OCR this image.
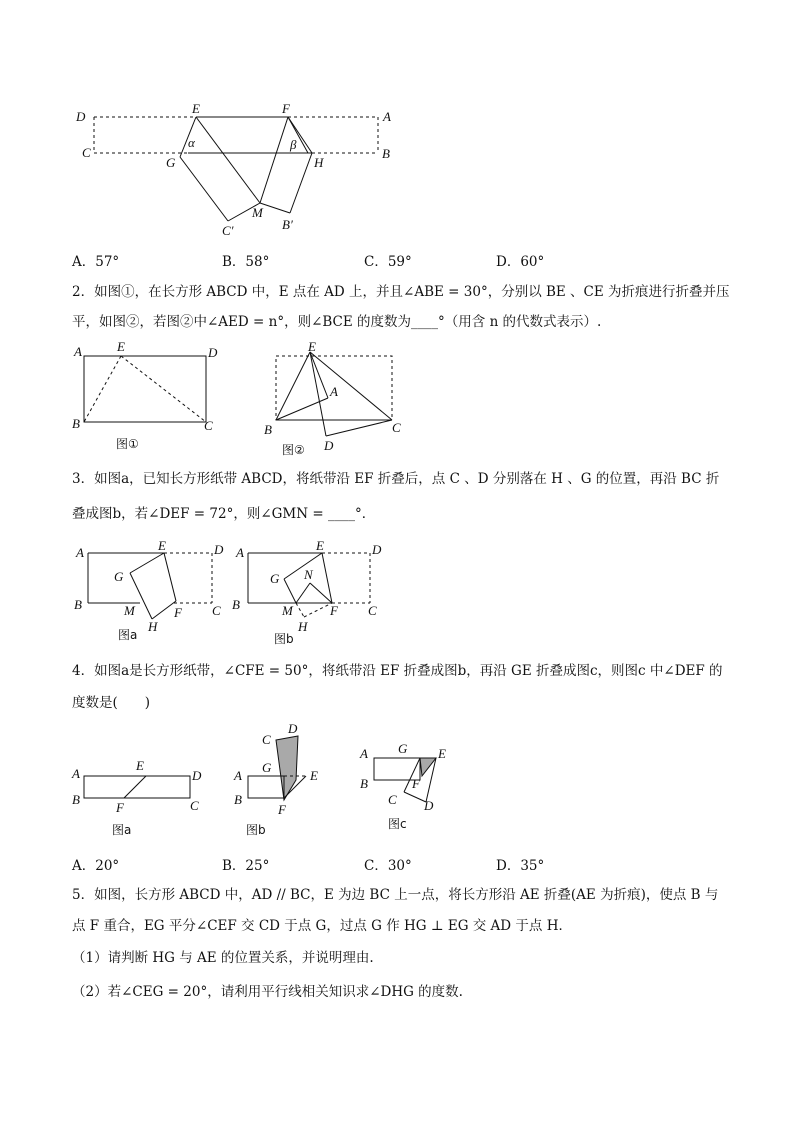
D
E	F
A
C	B
G	H
M
C′	B′
α	β
A．57°	B．58°	C．59°	D．60°
2．如图①，在长方形 ABCD 中，E 点在 AD 上，并且∠ABE = 30°，分别以 BE 、CE 为折痕进行折叠并压
平，如图②，若图②中∠AED = n°，则∠BCE 的度数为____°（用含 n 的代数式表示）.
A	E	D
B	C
图①
E
A
B
D
C
图②
3．如图a，已知长方形纸带 ABCD，将纸带沿 EF 折叠后，点 C 、D 分别落在 H 、G 的位置，再沿 BC 折
叠成图b，若∠DEF = 72°，则∠GMN = ____°．
A	E	D
G
B	M	F C
H
图a
A	E	D
G N
B	M	F C
H
图b
4．如图a是长方形纸带，∠CFE = 50°，将纸带沿 EF 折叠成图b，再沿 GE 折叠成图c，则图c 中∠DEF 的
度数是(　　)
A
E
D
B
F	C
图a
C
D
A
G
E
B
F
图b
A G E
B	F
C D
图c
A．20°	B．25°	C．30°	D．35°
5．如图，长方形 ABCD 中，AD // BC，E 为边 BC 上一点，将长方形沿 AE 折叠(AE 为折痕)，使点 B 与
点 F 重合，EG 平分∠CEF 交 CD 于点 G，过点 G 作 HG ⊥ EG 交 AD 于点 H．
（1）请判断 HG 与 AE 的位置关系，并说明理由.
（2）若∠CEG = 20°，请利用平行线相关知识求∠DHG 的度数.
